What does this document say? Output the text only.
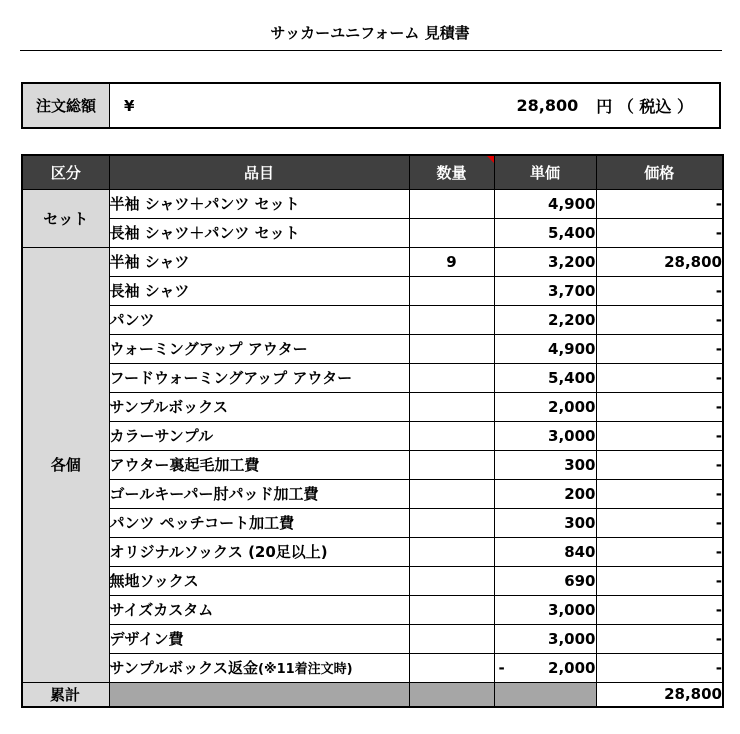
サッカーユニフォーム 見積書
注文総額	¥	28,800 円 （ 税込 ）
区分	品目	数量	単価	価格
セット	半袖 シャツ＋パンツ セット		4,900	-
	長袖 シャツ＋パンツ セット		5,400	-
各個	半袖 シャツ	9	3,200	28,800
	長袖 シャツ		3,700	-
	パンツ		2,200	-
	ウォーミングアップ アウター		4,900	-
	フードウォーミングアップ アウター		5,400	-
	サンプルボックス		2,000	-
	カラーサンプル		3,000	-
	アウター裏起毛加工費		300	-
	ゴールキーパー肘パッド加工費		200	-
	パンツ ペッチコート加工費		300	-
	オリジナルソックス (20足以上)		840	-
	無地ソックス		690	-
	サイズカスタム		3,000	-
	デザイン費		3,000	-
	サンプルボックス返金(※11着注文時)		- 2,000	-
累計				28,800
